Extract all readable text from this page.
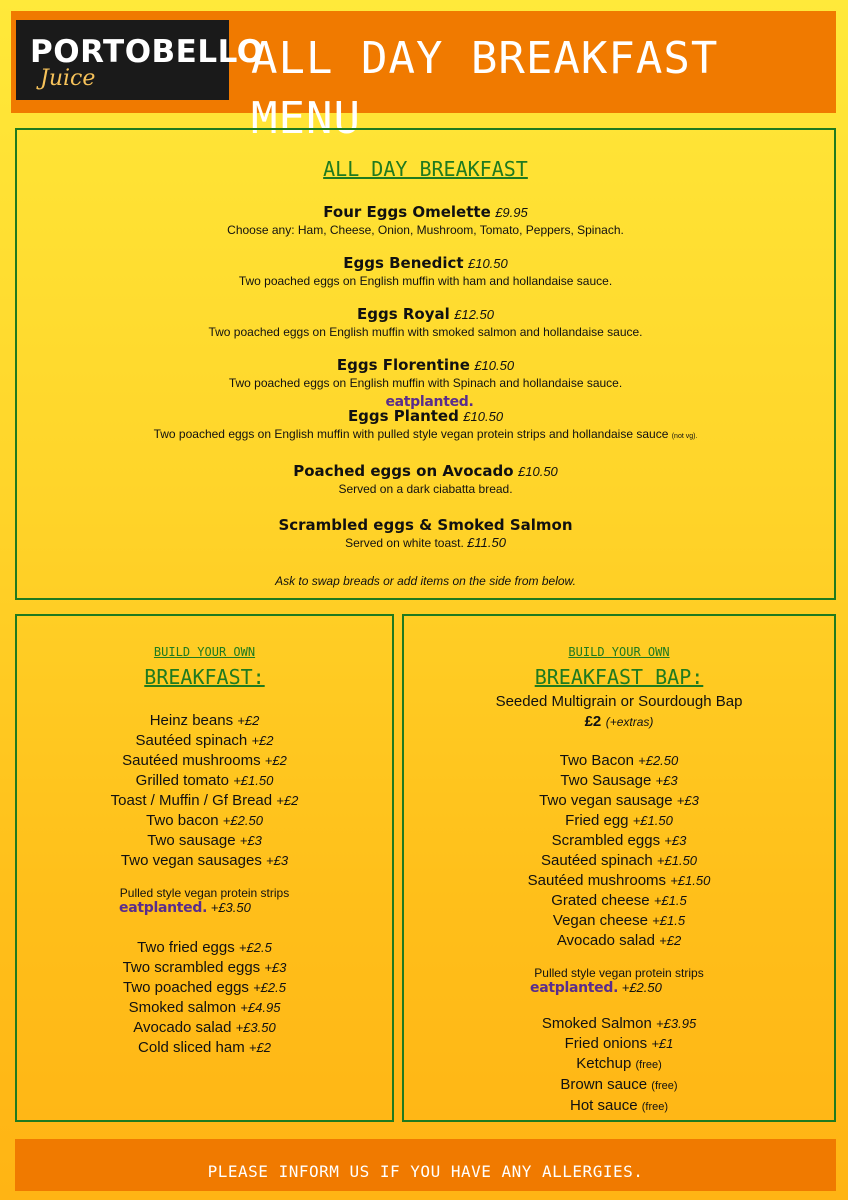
PORTOBELLO
Juice	ALL DAY BREAKFAST MENU
ALL DAY BREAKFAST
Four Eggs Omelette £9.95
Choose any: Ham, Cheese, Onion, Mushroom, Tomato, Peppers, Spinach.
Eggs Benedict £10.50
Two poached eggs on English muffin with ham and hollandaise sauce.
Eggs Royal £12.50
Two poached eggs on English muffin with smoked salmon and hollandaise sauce.
Eggs Florentine £10.50
Two poached eggs on English muffin with Spinach and hollandaise sauce.
eatplanted.
Eggs Planted £10.50
Two poached eggs on English muffin with pulled style vegan protein strips and hollandaise sauce (not vg).
Poached eggs on Avocado £10.50
Served on a dark ciabatta bread.
Scrambled eggs & Smoked Salmon
Served on white toast. £11.50
Ask to swap breads or add items on the side from below.
BUILD YOUR OWN
BREAKFAST:
Heinz beans +£2
Sautéed spinach +£2
Sautéed mushrooms +£2
Grilled tomato +£1.50
Toast / Muffin / Gf Bread +£2
Two bacon +£2.50
Two sausage +£3
Two vegan sausages +£3
Pulled style vegan protein strips
eatplanted. +£3.50
Two fried eggs +£2.5
Two scrambled eggs +£3
Two poached eggs +£2.5
Smoked salmon +£4.95
Avocado salad +£3.50
Cold sliced ham +£2
BUILD YOUR OWN
BREAKFAST BAP:
Seeded Multigrain or Sourdough Bap
£2 (+extras)
Two Bacon +£2.50
Two Sausage +£3
Two vegan sausage +£3
Fried egg +£1.50
Scrambled eggs +£3
Sautéed spinach +£1.50
Sautéed mushrooms +£1.50
Grated cheese +£1.5
Vegan cheese +£1.5
Avocado salad +£2
Pulled style vegan protein strips
eatplanted. +£2.50
Smoked Salmon +£3.95
Fried onions +£1
Ketchup (free)
Brown sauce (free)
Hot sauce (free)
PLEASE INFORM US IF YOU HAVE ANY ALLERGIES.
